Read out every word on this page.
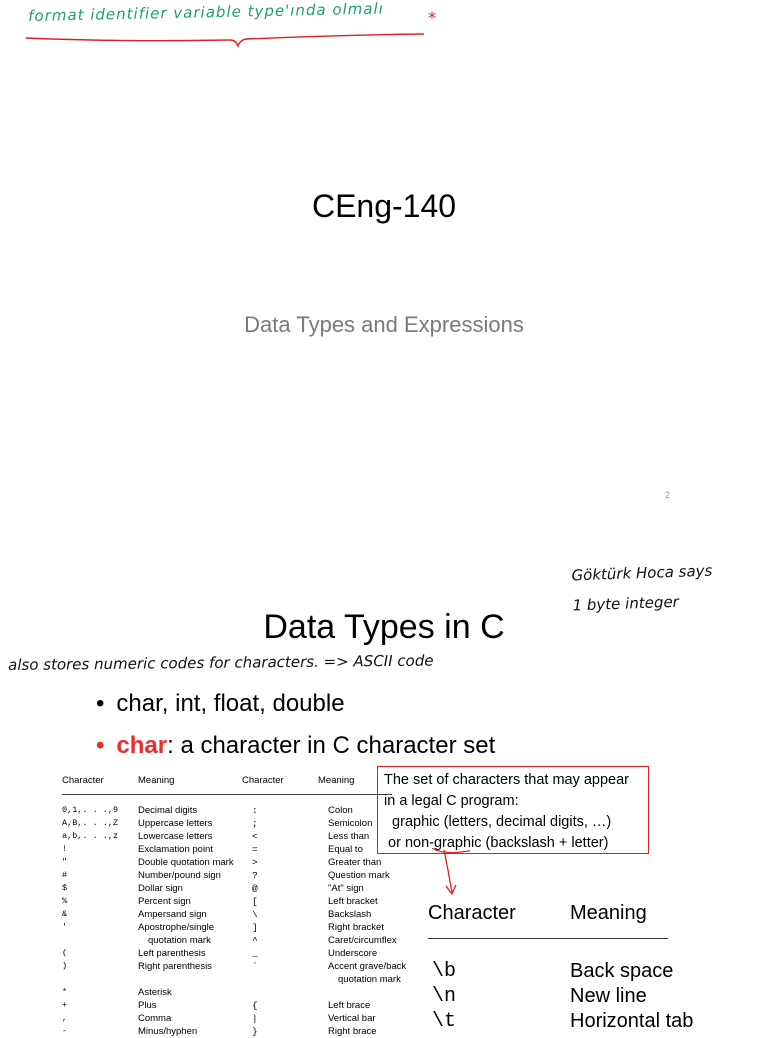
format identifier variable type'ında olmalı	*
CEng-140
Data Types and Expressions
2
Göktürk Hoca says
1 byte integer
Data Types in C
also stores numeric codes for characters. => ASCII code
• char, int, float, double
• char: a character in C character set
Character	Meaning	Character	Meaning
0,1,. . .,9	Decimal digits	:	Colon
A,B,. . .,Z	Uppercase letters	;	Semicolon
a,b,. . .,z	Lowercase letters	<	Less than
!	Exclamation point	=	Equal to
"	Double quotation mark	>	Greater than
#	Number/pound sign	?	Question mark
$	Dollar sign	@	"At" sign
%	Percent sign	[	Left bracket
&	Ampersand sign	\	Backslash
'	Apostrophe/single	]	Right bracket
	quotation mark	^	Caret/circumflex
(	Left parenthesis	_	Underscore
)	Right parenthesis	`	Accent grave/back
			quotation mark
*	Asterisk		
+	Plus	{	Left brace
,	Comma	|	Vertical bar
-	Minus/hyphen	}	Right brace
The set of characters that may appear
in a legal C program:
graphic (letters, decimal digits, …)
or non-graphic (backslash + letter)
Character	Meaning
\b	Back space
\n	New line
\t	Horizontal tab
